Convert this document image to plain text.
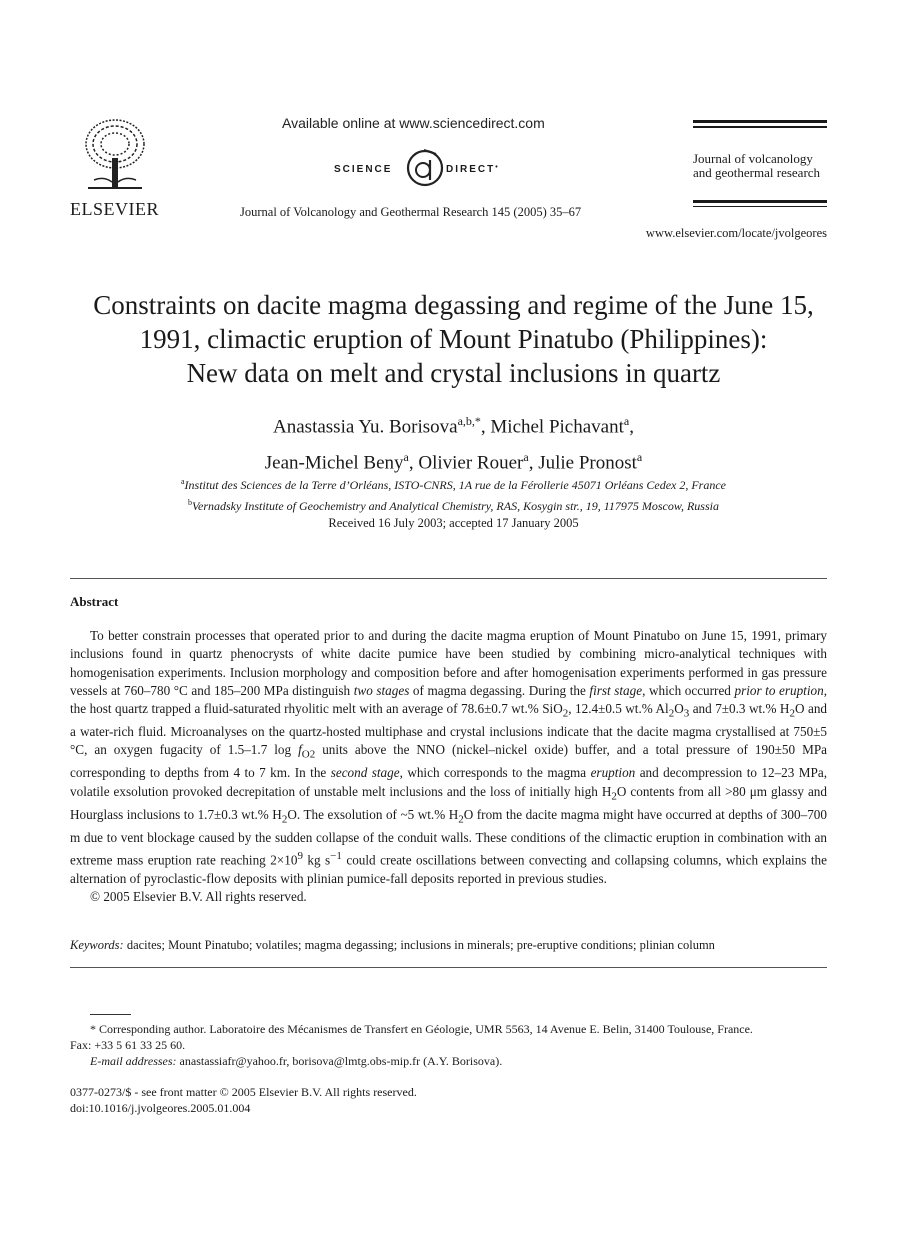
ELSEVIER
Available online at www.sciencedirect.com
SCIENCE	DIRECT•
Journal of Volcanology and Geothermal Research 145 (2005) 35–67
Journal of volcanology
and geothermal research
www.elsevier.com/locate/jvolgeores
Constraints on dacite magma degassing and regime of the June 15,
1991, climactic eruption of Mount Pinatubo (Philippines):
New data on melt and crystal inclusions in quartz
Anastassia Yu. Borisova$^{a,b,*}$, Michel Pichavant$^a$,
Jean-Michel Beny$^a$, Olivier Rouer$^a$, Julie Pronost$^a$
$^a$Institut des Sciences de la Terre d’Orléans, ISTO-CNRS, 1A rue de la Férollerie 45071 Orléans Cedex 2, France
$^b$Vernadsky Institute of Geochemistry and Analytical Chemistry, RAS, Kosygin str., 19, 117975 Moscow, Russia
Received 16 July 2003; accepted 17 January 2005
Abstract

To better constrain processes that operated prior to and during the dacite magma eruption of Mount Pinatubo on June 15, 1991, primary inclusions found in quartz phenocrysts of white dacite pumice have been studied by combining micro-analytical techniques with homogenisation experiments. Inclusion morphology and composition before and after homogenisation experiments performed in gas pressure vessels at 760–780 °C and 185–200 MPa distinguish two stages of magma degassing. During the first stage, which occurred prior to eruption, the host quartz trapped a fluid-saturated rhyolitic melt with an average of 78.6±0.7 wt.% SiO$_2$, 12.4±0.5 wt.% $Al_2O_3$ and 7±0.3 wt.% $H_2O$ and a water-rich fluid. Microanalyses on the quartz-hosted multiphase and crystal inclusions indicate that the dacite magma crystallised at 750±5 °C, an oxygen fugacity of 1.5–1.7 $\log f_{O2}$ units above the NNO (nickel–nickel oxide) buffer, and a total pressure of 190±50 MPa corresponding to depths from 4 to 7 km. In the second stage, which corresponds to the magma eruption and decompression to 12–23 MPa, volatile exsolution provoked decrepitation of unstable melt inclusions and the loss of initially high $H_2O$ contents from all >80 μm glassy and Hourglass inclusions to 1.7±0.3 wt.% $H_2O$. The exsolution of ~5 wt.% $H_2O$ from the dacite magma might have occurred at depths of 300–700 m due to vent blockage caused by the sudden collapse of the conduit walls. These conditions of the climactic eruption in combination with an extreme mass eruption rate reaching $2\times 10^9$ kg $s^{-1}$ could create oscillations between convecting and collapsing columns, which explains the alternation of pyroclastic-flow deposits with plinian pumice-fall deposits reported in previous studies.

© 2005 Elsevier B.V. All rights reserved.

Keywords: dacites; Mount Pinatubo; volatiles; magma degassing; inclusions in minerals; pre-eruptive conditions; plinian column
* Corresponding author. Laboratoire des Mécanismes de Transfert en Géologie, UMR 5563, 14 Avenue E. Belin, 31400 Toulouse, France.
Fax: +33 5 61 33 25 60.
E-mail addresses: anastassiafr@yahoo.fr, borisova@lmtg.obs-mip.fr (A.Y. Borisova).
0377-0273/$ - see front matter © 2005 Elsevier B.V. All rights reserved.
doi:10.1016/j.jvolgeores.2005.01.004
